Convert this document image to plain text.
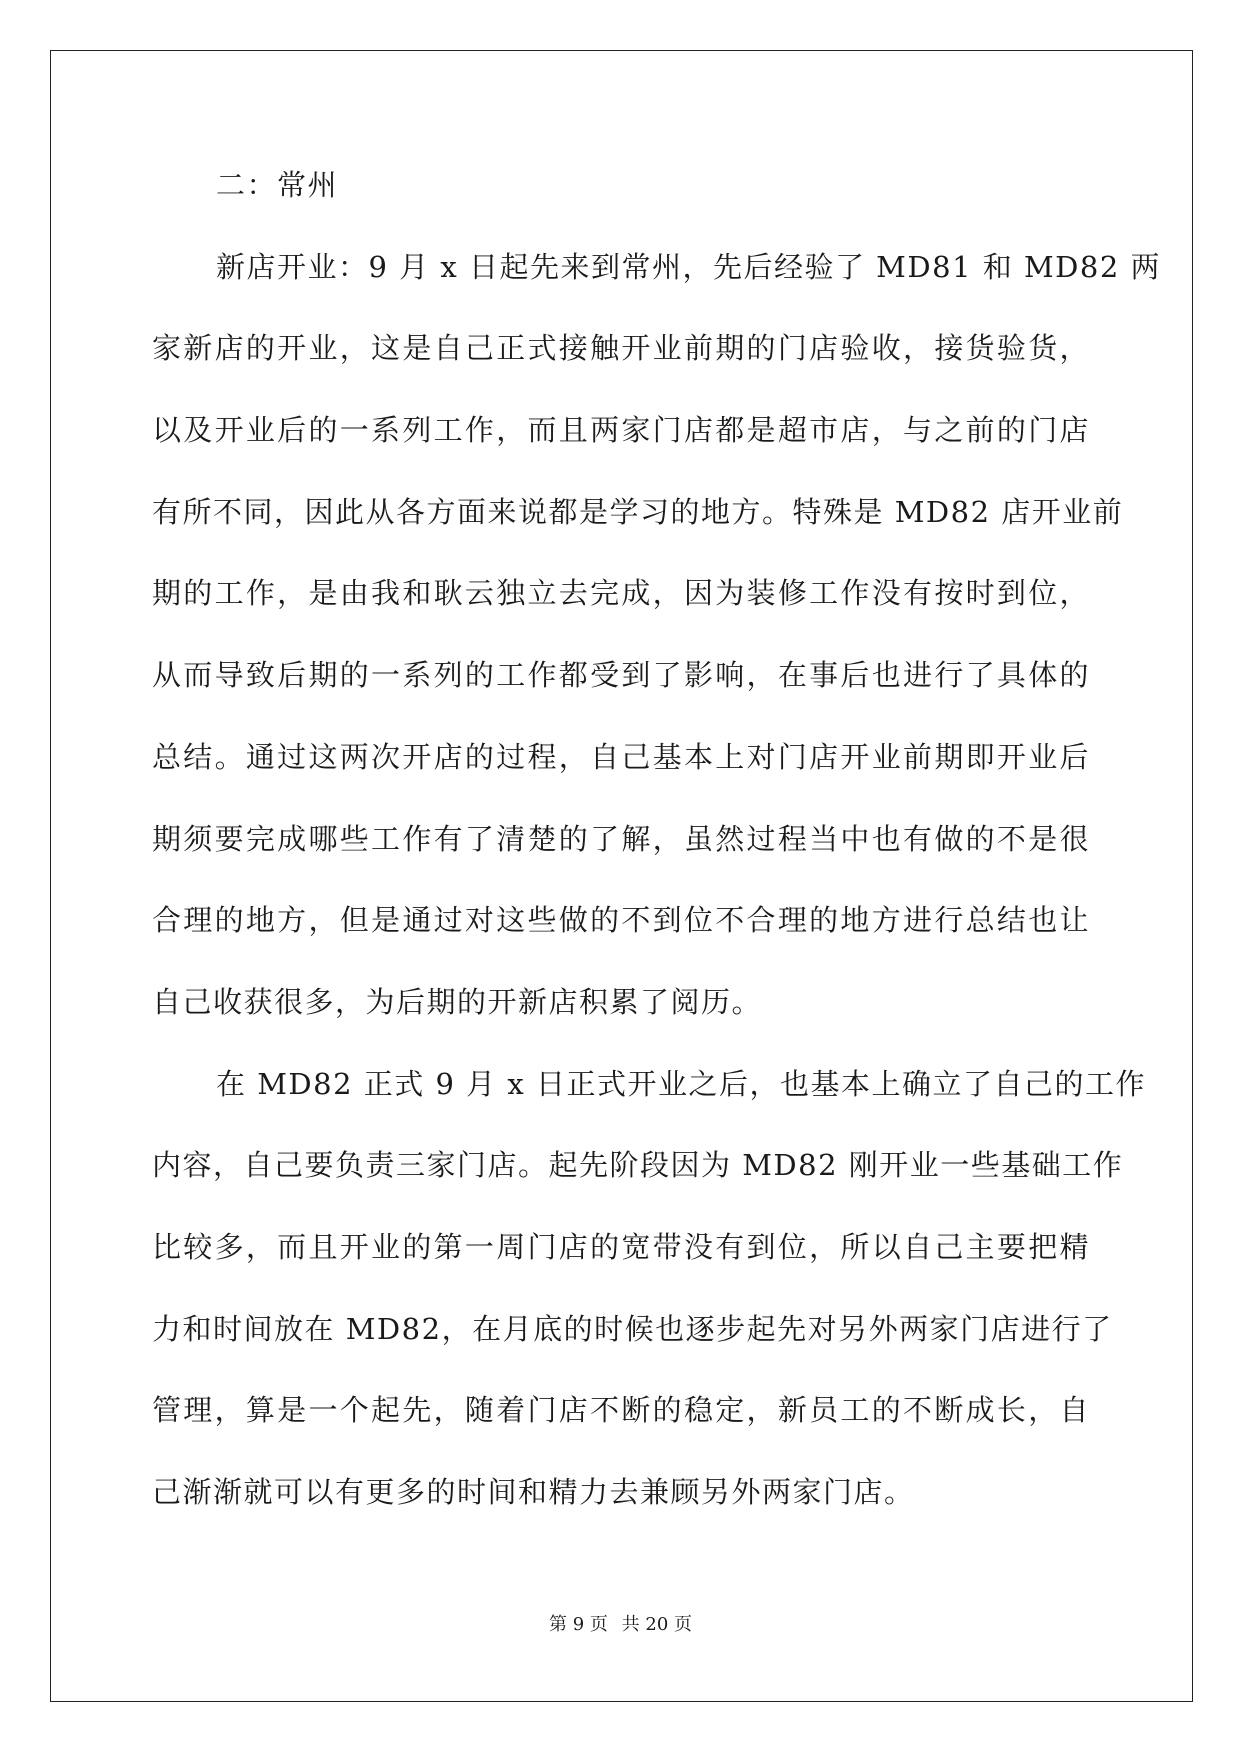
二：常州
新店开业：9 月 x 日起先来到常州，先后经验了 MD81 和 MD82 两
家新店的开业，这是自己正式接触开业前期的门店验收，接货验货，
以及开业后的一系列工作，而且两家门店都是超市店，与之前的门店
有所不同，因此从各方面来说都是学习的地方。特殊是 MD82 店开业前
期的工作，是由我和耿云独立去完成，因为装修工作没有按时到位，
从而导致后期的一系列的工作都受到了影响，在事后也进行了具体的
总结。通过这两次开店的过程，自己基本上对门店开业前期即开业后
期须要完成哪些工作有了清楚的了解，虽然过程当中也有做的不是很
合理的地方，但是通过对这些做的不到位不合理的地方进行总结也让
自己收获很多，为后期的开新店积累了阅历。
在 MD82 正式 9 月 x 日正式开业之后，也基本上确立了自己的工作
内容，自己要负责三家门店。起先阶段因为 MD82 刚开业一些基础工作
比较多，而且开业的第一周门店的宽带没有到位，所以自己主要把精
力和时间放在 MD82，在月底的时候也逐步起先对另外两家门店进行了
管理，算是一个起先，随着门店不断的稳定，新员工的不断成长，自
己渐渐就可以有更多的时间和精力去兼顾另外两家门店。
第 9 页 共 20 页
